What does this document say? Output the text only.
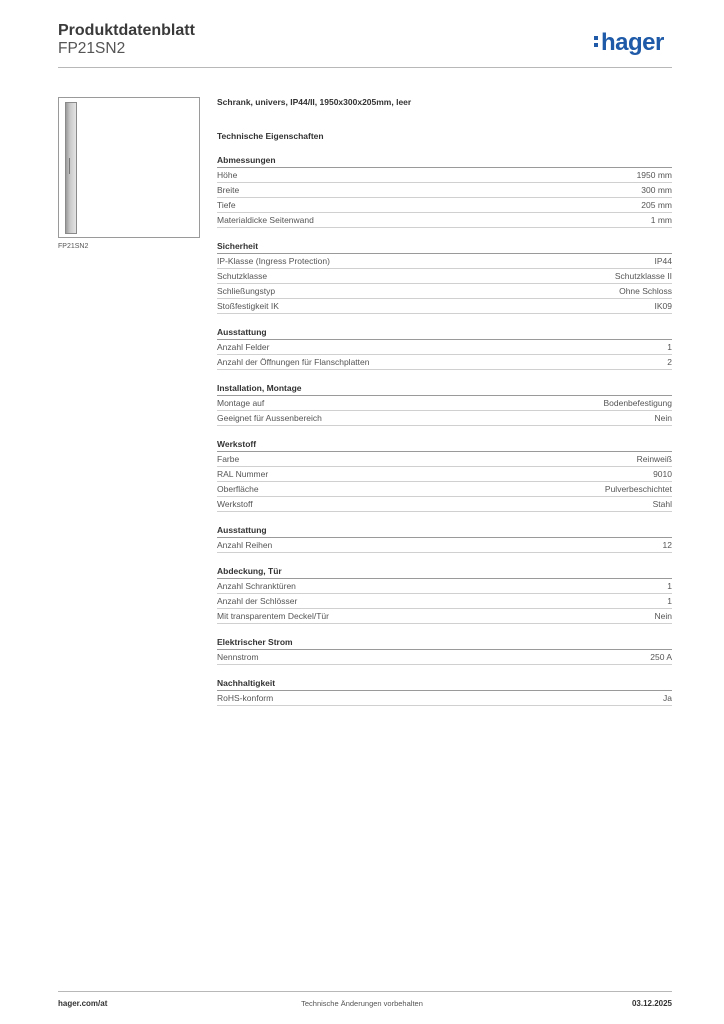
Produktdatenblatt
FP21SN2	hager
FP21SN2
Schrank, univers, IP44/II, 1950x300x205mm, leer
Technische Eigenschaften
Abmessungen
Höhe	1950 mm
Breite	300 mm
Tiefe	205 mm
Materialdicke Seitenwand	1 mm
Sicherheit
IP-Klasse (Ingress Protection)	IP44
Schutzklasse	Schutzklasse II
Schließungstyp	Ohne Schloss
Stoßfestigkeit IK	IK09
Ausstattung
Anzahl Felder	1
Anzahl der Öffnungen für Flanschplatten	2
Installation, Montage
Montage auf	Bodenbefestigung
Geeignet für Aussenbereich	Nein
Werkstoff
Farbe	Reinweiß
RAL Nummer	9010
Oberfläche	Pulverbeschichtet
Werkstoff	Stahl
Ausstattung
Anzahl Reihen	12
Abdeckung, Tür
Anzahl Schranktüren	1
Anzahl der Schlösser	1
Mit transparentem Deckel/Tür	Nein
Elektrischer Strom
Nennstrom	250 A
Nachhaltigkeit
RoHS-konform	Ja
hager.com/at	Technische Änderungen vorbehalten	03.12.2025
